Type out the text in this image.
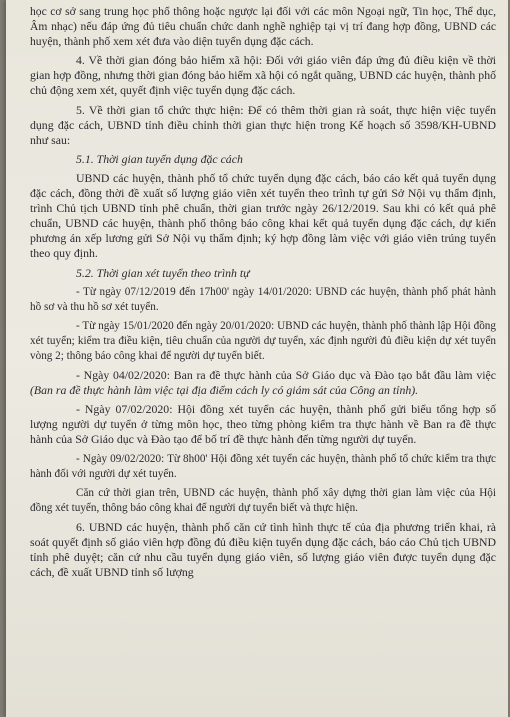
học cơ sở sang trung học phổ thông hoặc ngược lại đối với các môn Ngoại ngữ, Tin học, Thể dục, Âm nhạc) nếu đáp ứng đủ tiêu chuẩn chức danh nghề nghiệp tại vị trí đang hợp đồng, UBND các huyện, thành phố xem xét đưa vào diện tuyển dụng đặc cách.

4. Về thời gian đóng bảo hiểm xã hội: Đối với giáo viên đáp ứng đủ điều kiện về thời gian hợp đồng, nhưng thời gian đóng bảo hiểm xã hội có ngắt quãng, UBND các huyện, thành phố chủ động xem xét, quyết định việc tuyển dụng đặc cách.

5. Về thời gian tổ chức thực hiện: Để có thêm thời gian rà soát, thực hiện việc tuyển dụng đặc cách, UBND tỉnh điều chỉnh thời gian thực hiện trong Kế hoạch số 3598/KH-UBND như sau:

5.1. Thời gian tuyển dụng đặc cách

UBND các huyện, thành phố tổ chức tuyển dụng đặc cách, báo cáo kết quả tuyển dụng đặc cách, đồng thời đề xuất số lượng giáo viên xét tuyển theo trình tự gửi Sở Nội vụ thẩm định, trình Chủ tịch UBND tỉnh phê chuẩn, thời gian trước ngày 26/12/2019. Sau khi có kết quả phê chuẩn, UBND các huyện, thành phố thông báo công khai kết quả tuyển dụng đặc cách, dự kiến phương án xếp lương gửi Sở Nội vụ thẩm định; ký hợp đồng làm việc với giáo viên trúng tuyển theo quy định.

5.2. Thời gian xét tuyển theo trình tự

- Từ ngày 07/12/2019 đến 17h00' ngày 14/01/2020: UBND các huyện, thành phố phát hành hồ sơ và thu hồ sơ xét tuyển.

- Từ ngày 15/01/2020 đến ngày 20/01/2020: UBND các huyện, thành phố thành lập Hội đồng xét tuyển; kiểm tra điều kiện, tiêu chuẩn của người dự tuyển, xác định người đủ điều kiện dự xét tuyển vòng 2; thông báo công khai để người dự tuyển biết.

- Ngày 04/02/2020: Ban ra đề thực hành của Sở Giáo dục và Đào tạo bắt đầu làm việc (Ban ra đề thực hành làm việc tại địa điểm cách ly có giám sát của Công an tỉnh).

- Ngày 07/02/2020: Hội đồng xét tuyển các huyện, thành phố gửi biểu tổng hợp số lượng người dự tuyển ở từng môn học, theo từng phòng kiểm tra thực hành về Ban ra đề thực hành của Sở Giáo dục và Đào tạo để bố trí đề thực hành đến từng người dự tuyển.

- Ngày 09/02/2020: Từ 8h00' Hội đồng xét tuyển các huyện, thành phố tổ chức kiểm tra thực hành đối với người dự xét tuyển.

Căn cứ thời gian trên, UBND các huyện, thành phố xây dựng thời gian làm việc của Hội đồng xét tuyển, thông báo công khai để người dự tuyển biết và thực hiện.

6. UBND các huyện, thành phố căn cứ tình hình thực tế của địa phương triển khai, rà soát quyết định số giáo viên hợp đồng đủ điều kiện tuyển dụng đặc cách, báo cáo Chủ tịch UBND tỉnh phê duyệt; căn cứ nhu cầu tuyển dụng giáo viên, số lượng giáo viên được tuyển dụng đặc cách, đề xuất UBND tỉnh số lượng
